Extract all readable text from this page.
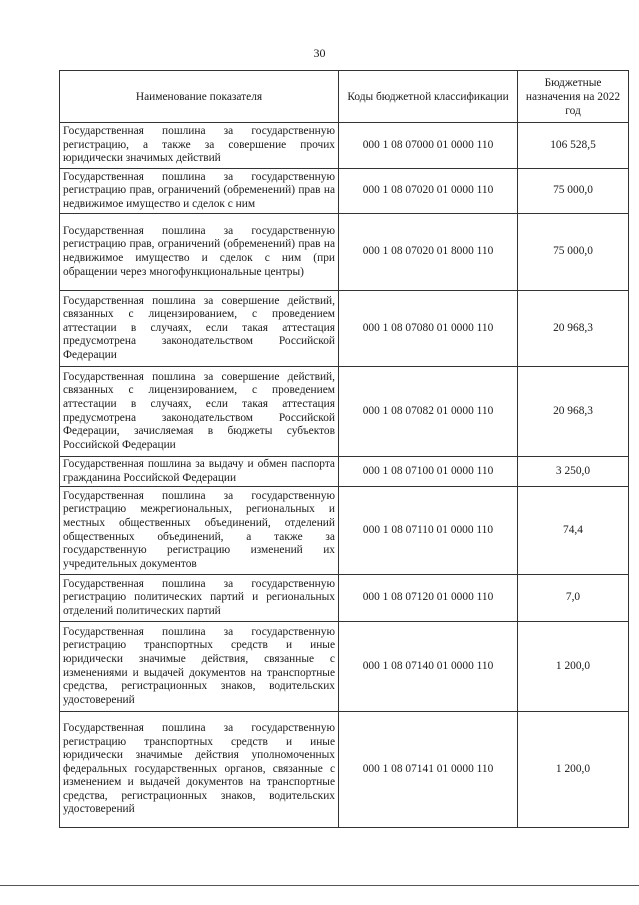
30
Наименование показателя	Коды бюджетной классификации	Бюджетные назначения на 2022 год
Государственная пошлина за государственную регистрацию, а также за совершение прочих юридически значимых действий	000 1 08 07000 01 0000 110	106 528,5
Государственная пошлина за государственную регистрацию прав, ограничений (обременений) прав на недвижимое имущество и сделок с ним	000 1 08 07020 01 0000 110	75 000,0
Государственная пошлина за государственную регистрацию прав, ограничений (обременений) прав на недвижимое имущество и сделок с ним (при обращении через многофункциональные центры)	000 1 08 07020 01 8000 110	75 000,0
Государственная пошлина за совершение действий, связанных с лицензированием, с проведением аттестации в случаях, если такая аттестация предусмотрена законодательством Российской Федерации	000 1 08 07080 01 0000 110	20 968,3
Государственная пошлина за совершение действий, связанных с лицензированием, с проведением аттестации в случаях, если такая аттестация предусмотрена законодательством Российской Федерации, зачисляемая в бюджеты субъектов Российской Федерации	000 1 08 07082 01 0000 110	20 968,3
Государственная пошлина за выдачу и обмен паспорта гражданина Российской Федерации	000 1 08 07100 01 0000 110	3 250,0
Государственная пошлина за государственную регистрацию межрегиональных, региональных и местных общественных объединений, отделений общественных объединений, а также за государственную регистрацию изменений их учредительных документов	000 1 08 07110 01 0000 110	74,4
Государственная пошлина за государственную регистрацию политических партий и региональных отделений политических партий	000 1 08 07120 01 0000 110	7,0
Государственная пошлина за государственную регистрацию транспортных средств и иные юридически значимые действия, связанные с изменениями и выдачей документов на транспортные средства, регистрационных знаков, водительских удостоверений	000 1 08 07140 01 0000 110	1 200,0
Государственная пошлина за государственную регистрацию транспортных средств и иные юридически значимые действия уполномоченных федеральных государственных органов, связанные с изменением и выдачей документов на транспортные средства, регистрационных знаков, водительских удостоверений	000 1 08 07141 01 0000 110	1 200,0
